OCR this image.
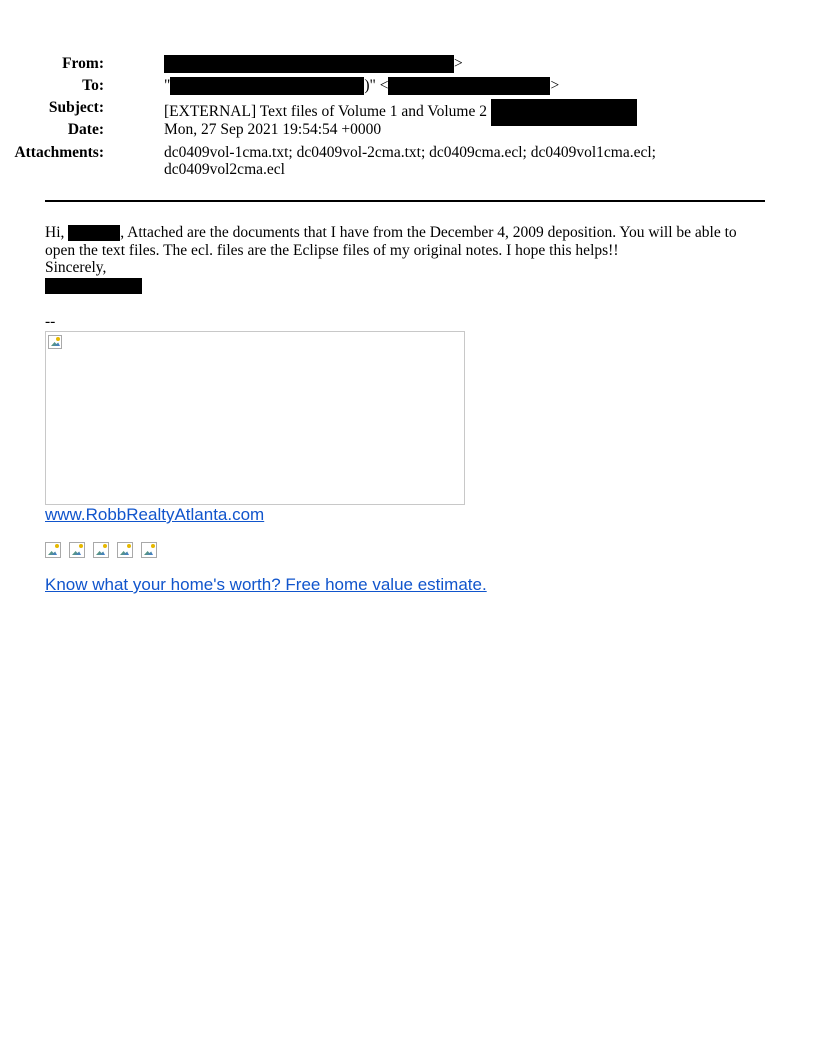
From:	>
To:	"	)" <	>
Subject:	[EXTERNAL] Text files of Volume 1 and Volume 2
Date:	Mon, 27 Sep 2021 19:54:54 +0000
Attachments:	dc0409vol-1cma.txt; dc0409vol-2cma.txt; dc0409cma.ecl; dc0409vol1cma.ecl;
dc0409vol2cma.ecl
Hi,	, Attached are the documents that I have from the December 4, 2009 deposition. You will be able to open the text files. The ecl. files are the Eclipse files of my original notes. I hope this helps!!
Sincerely,

--
www.RobbRealtyAtlanta.com
Know what your home's worth? Free home value estimate.
